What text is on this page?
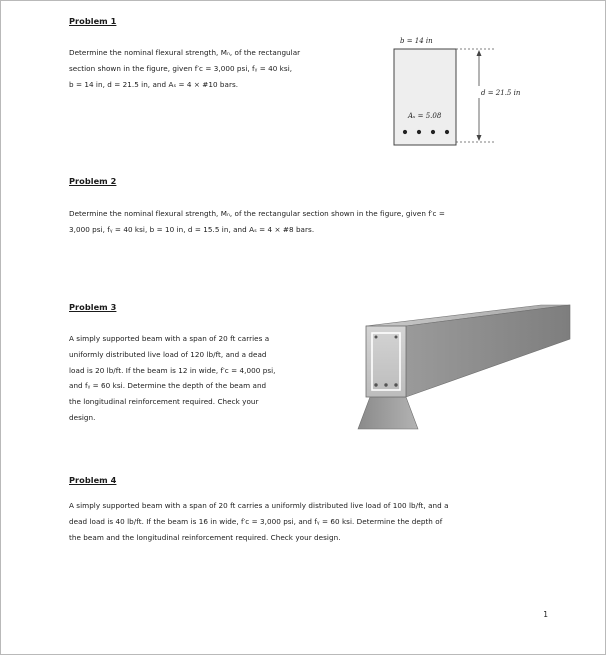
Problem 1
Determine the nominal flexural strength, Mₙ, of the rectangular
section shown in the figure, given f′c = 3,000 psi, fᵧ = 40 ksi,
b = 14 in, d = 21.5 in, and Aₛ = 4 × #10 bars.
b = 14 in
d = 21.5 in
Aₛ = 5.08
Problem 2
Determine the nominal flexural strength, Mₙ, of the rectangular section shown in the figure, given f′c =
3,000 psi, fᵧ = 40 ksi, b = 10 in, d = 15.5 in, and Aₛ = 4 × #8 bars.
Problem 3
A simply supported beam with a span of 20 ft carries a
uniformly distributed live load of 120 lb/ft, and a dead
load is 20 lb/ft. If the beam is 12 in wide, f′c = 4,000 psi,
and fᵧ = 60 ksi. Determine the depth of the beam and
the longitudinal reinforcement required. Check your
design.
Problem 4
A simply supported beam with a span of 20 ft carries a uniformly distributed live load of 100 lb/ft, and a
dead load is 40 lb/ft. If the beam is 16 in wide, f′c = 3,000 psi, and fᵧ = 60 ksi. Determine the depth of
the beam and the longitudinal reinforcement required. Check your design.

1
